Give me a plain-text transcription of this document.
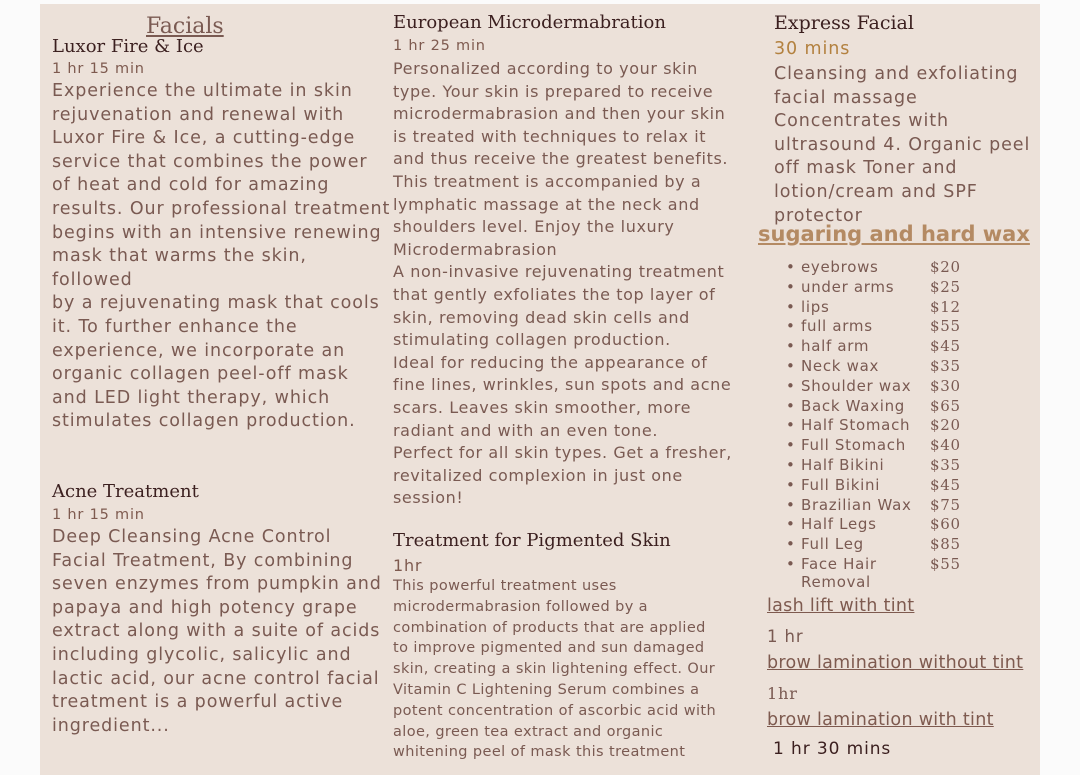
Facials
Luxor Fire & Ice
1 hr 15 min
Experience the ultimate in skin
rejuvenation and renewal with
Luxor Fire & Ice, a cutting-edge
service that combines the power
of heat and cold for amazing
results. Our professional treatment
begins with an intensive renewing
mask that warms the skin, followed
by a rejuvenating mask that cools
it. To further enhance the
experience, we incorporate an
organic collagen peel-off mask
and LED light therapy, which
stimulates collagen production.
Acne Treatment
1 hr 15 min
Deep Cleansing Acne Control
Facial Treatment, By combining
seven enzymes from pumpkin and
papaya and high potency grape
extract along with a suite of acids
including glycolic, salicylic and
lactic acid, our acne control facial
treatment is a powerful active
ingredient...
European Microdermabration
1 hr 25 min
Personalized according to your skin
type. Your skin is prepared to receive
microdermabrasion and then your skin
is treated with techniques to relax it
and thus receive the greatest benefits.
This treatment is accompanied by a
lymphatic massage at the neck and
shoulders level. Enjoy the luxury
Microdermabrasion
A non-invasive rejuvenating treatment
that gently exfoliates the top layer of
skin, removing dead skin cells and
stimulating collagen production.
Ideal for reducing the appearance of
fine lines, wrinkles, sun spots and acne
scars. Leaves skin smoother, more
radiant and with an even tone.
Perfect for all skin types. Get a fresher,
revitalized complexion in just one
session!
Treatment for Pigmented Skin
1hr
This powerful treatment uses
microdermabrasion followed by a
combination of products that are applied
to improve pigmented and sun damaged
skin, creating a skin lightening effect. Our
Vitamin C Lightening Serum combines a
potent concentration of ascorbic acid with
aloe, green tea extract and organic
whitening peel of mask this treatment
Express Facial
30 mins
Cleansing and exfoliating
facial massage
Concentrates with
ultrasound 4. Organic peel
off mask Toner and
lotion/cream and SPF
protector
sugaring and hard wax
• eyebrows	$20
• under arms $25
• lips	$12
• full arms	$55
• half arm	$45
• Neck wax	$35
• Shoulder wax $30
• Back Waxing $65
• Half Stomach $20
• Full Stomach $40
• Half Bikini	$35
• Full Bikini	$45
• Brazilian Wax $75
• Half Legs	$60
• Full Leg	$85
• Face Hair
Removal
$55
lash lift with tint
1 hr
brow lamination without tint
1hr
brow lamination with tint
1 hr 30 mins
